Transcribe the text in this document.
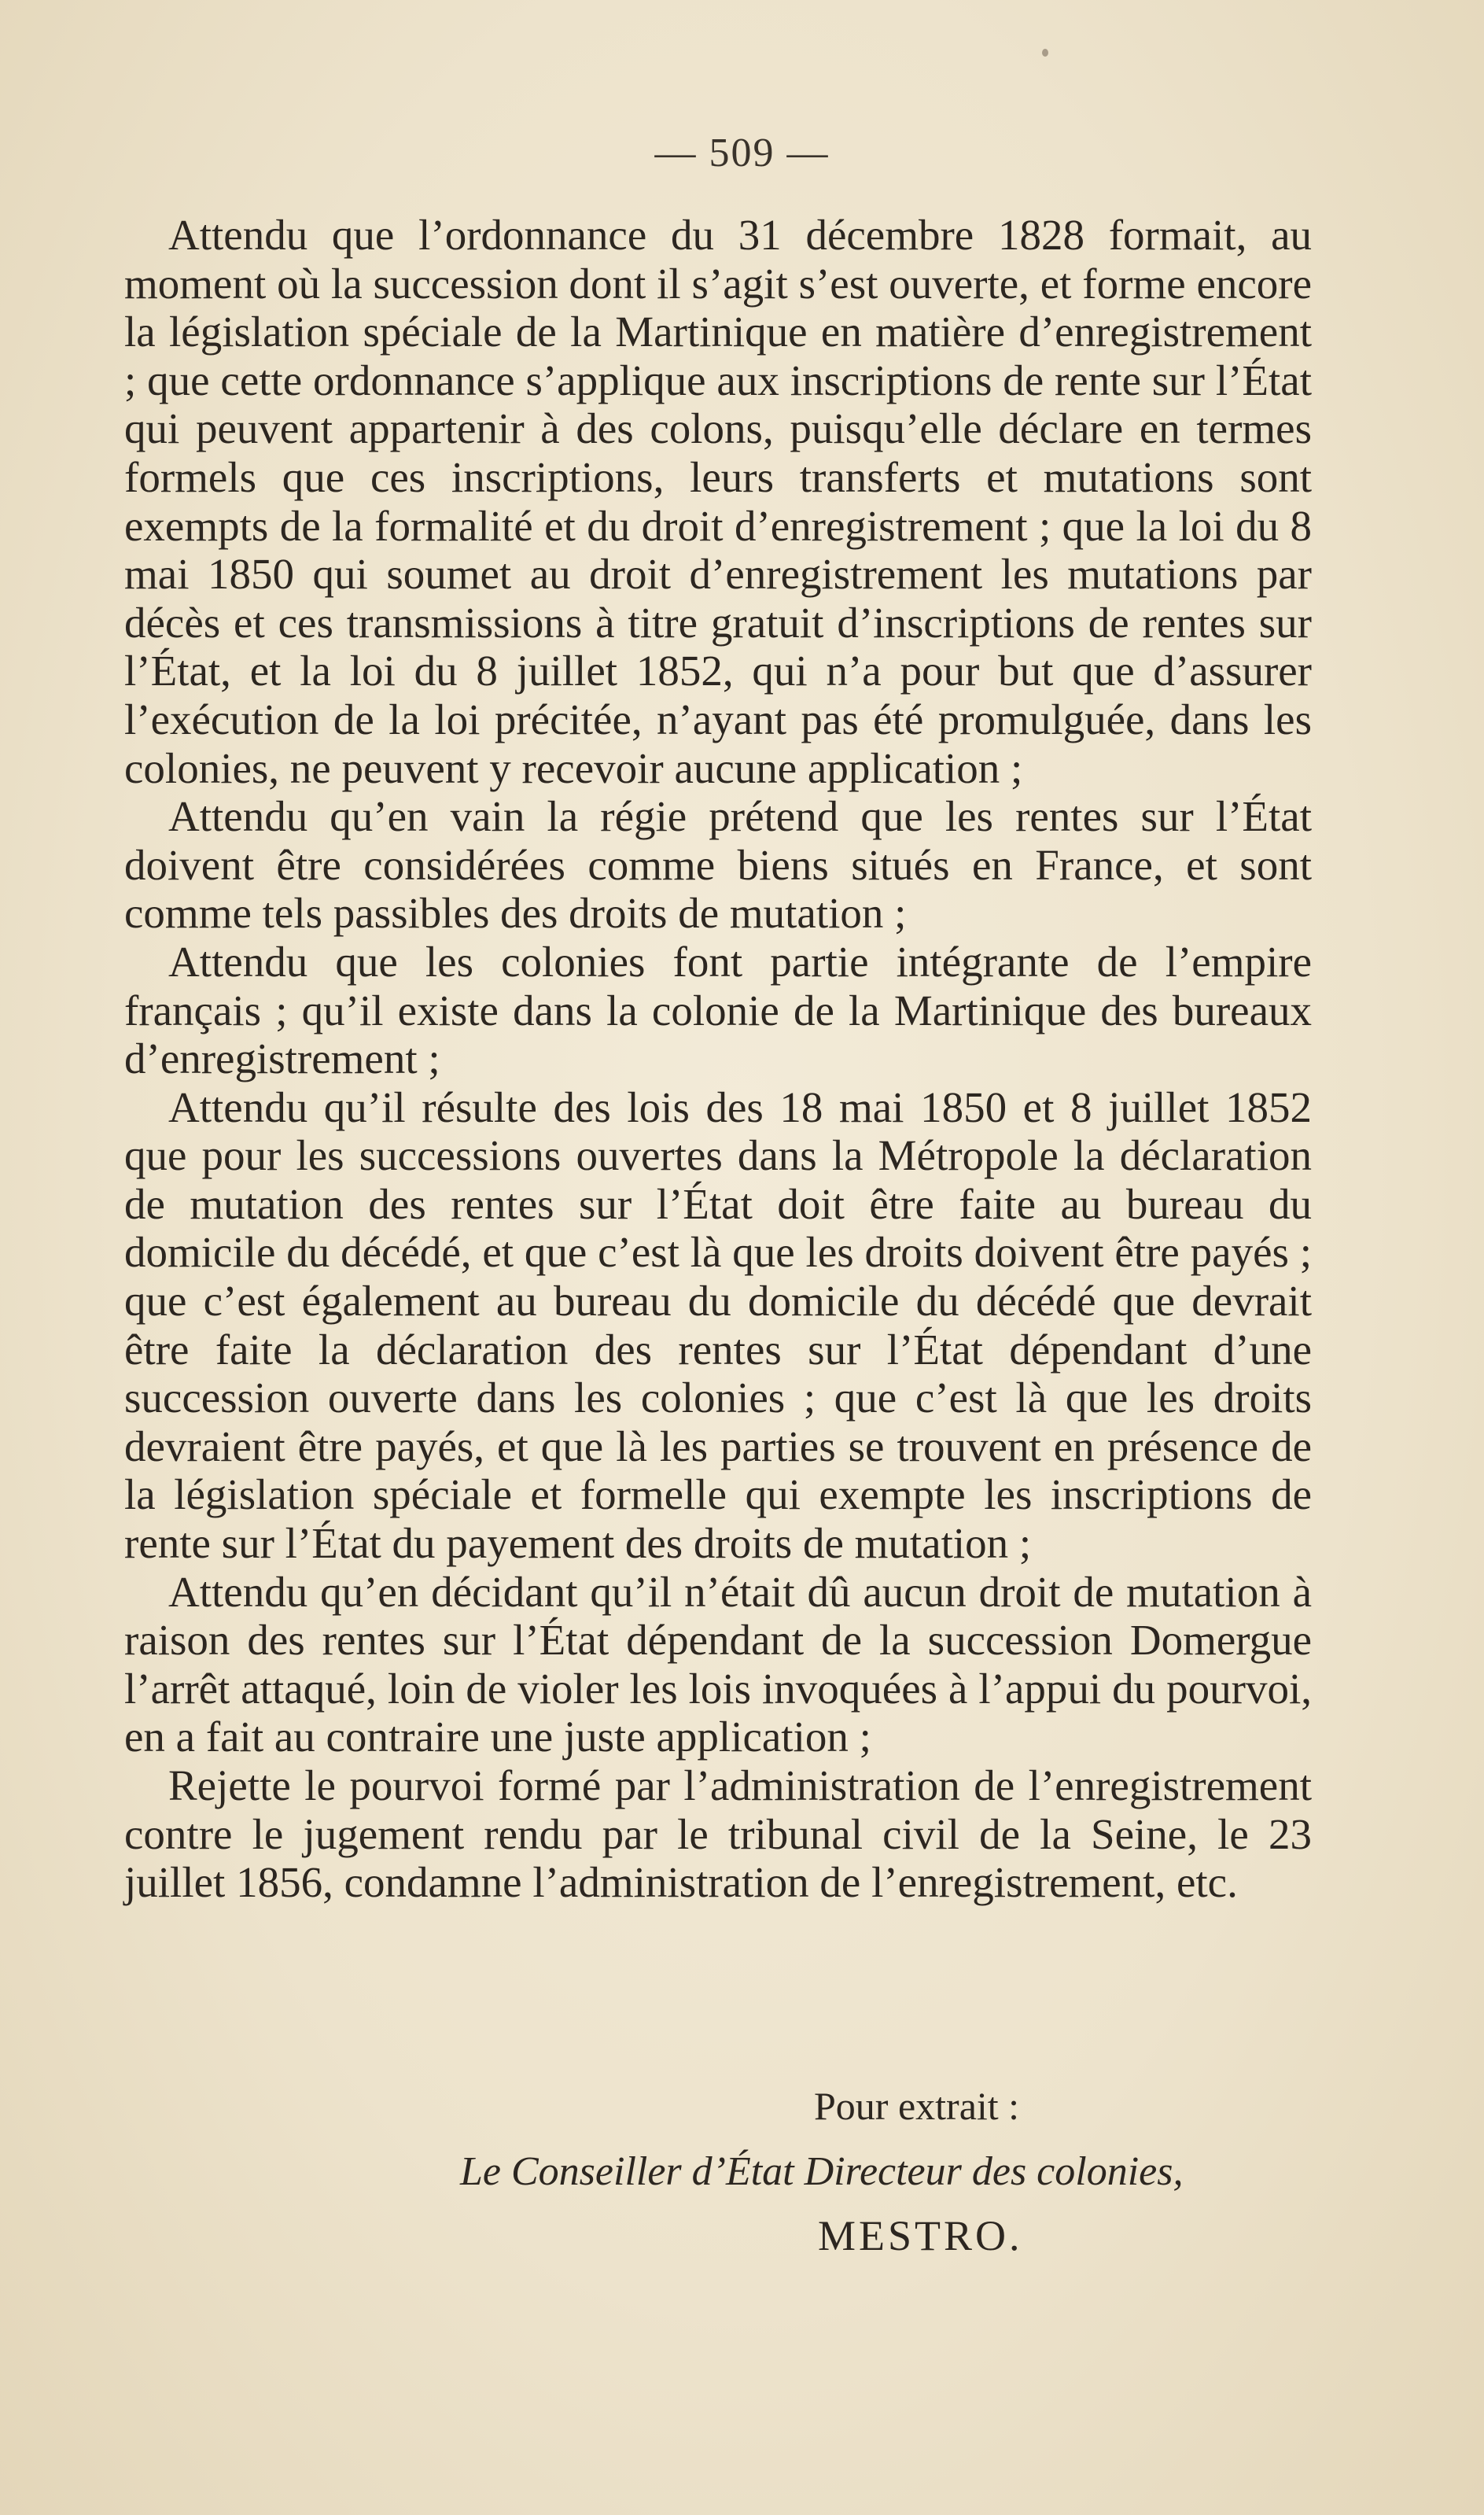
— 509 —

Attendu que l’ordonnance du 31 décembre 1828 formait, au moment où la succession dont il s’agit s’est ouverte, et forme encore la législation spéciale de la Martinique en matière d’enregistrement ; que cette ordonnance s’applique aux inscriptions de rente sur l’État qui peuvent appartenir à des colons, puisqu’elle déclare en termes formels que ces inscriptions, leurs transferts et mutations sont exempts de la formalité et du droit d’enregistrement ; que la loi du 8 mai 1850 qui soumet au droit d’enregistrement les mutations par décès et ces transmissions à titre gratuit d’inscriptions de rentes sur l’État, et la loi du 8 juillet 1852, qui n’a pour but que d’assurer l’exécution de la loi précitée, n’ayant pas été promulguée, dans les colonies, ne peuvent y recevoir aucune application ;

Attendu qu’en vain la régie prétend que les rentes sur l’État doivent être considérées comme biens situés en France, et sont comme tels passibles des droits de mutation ;

Attendu que les colonies font partie intégrante de l’empire français ; qu’il existe dans la colonie de la Martinique des bureaux d’enregistrement ;

Attendu qu’il résulte des lois des 18 mai 1850 et 8 juillet 1852 que pour les successions ouvertes dans la Métropole la déclaration de mutation des rentes sur l’État doit être faite au bureau du domicile du décédé, et que c’est là que les droits doivent être payés ; que c’est également au bureau du domicile du décédé que devrait être faite la déclaration des rentes sur l’État dépendant d’une succession ouverte dans les colonies ; que c’est là que les droits devraient être payés, et que là les parties se trouvent en présence de la législation spéciale et formelle qui exempte les inscriptions de rente sur l’État du payement des droits de mutation ;

Attendu qu’en décidant qu’il n’était dû aucun droit de mutation à raison des rentes sur l’État dépendant de la succession Domergue l’arrêt attaqué, loin de violer les lois invoquées à l’appui du pourvoi, en a fait au contraire une juste application ;

Rejette le pourvoi formé par l’administration de l’enregistrement contre le jugement rendu par le tribunal civil de la Seine, le 23 juillet 1856, condamne l’administration de l’enregistrement, etc.

Pour extrait :
Le Conseiller d’État Directeur des colonies,
MESTRO.
